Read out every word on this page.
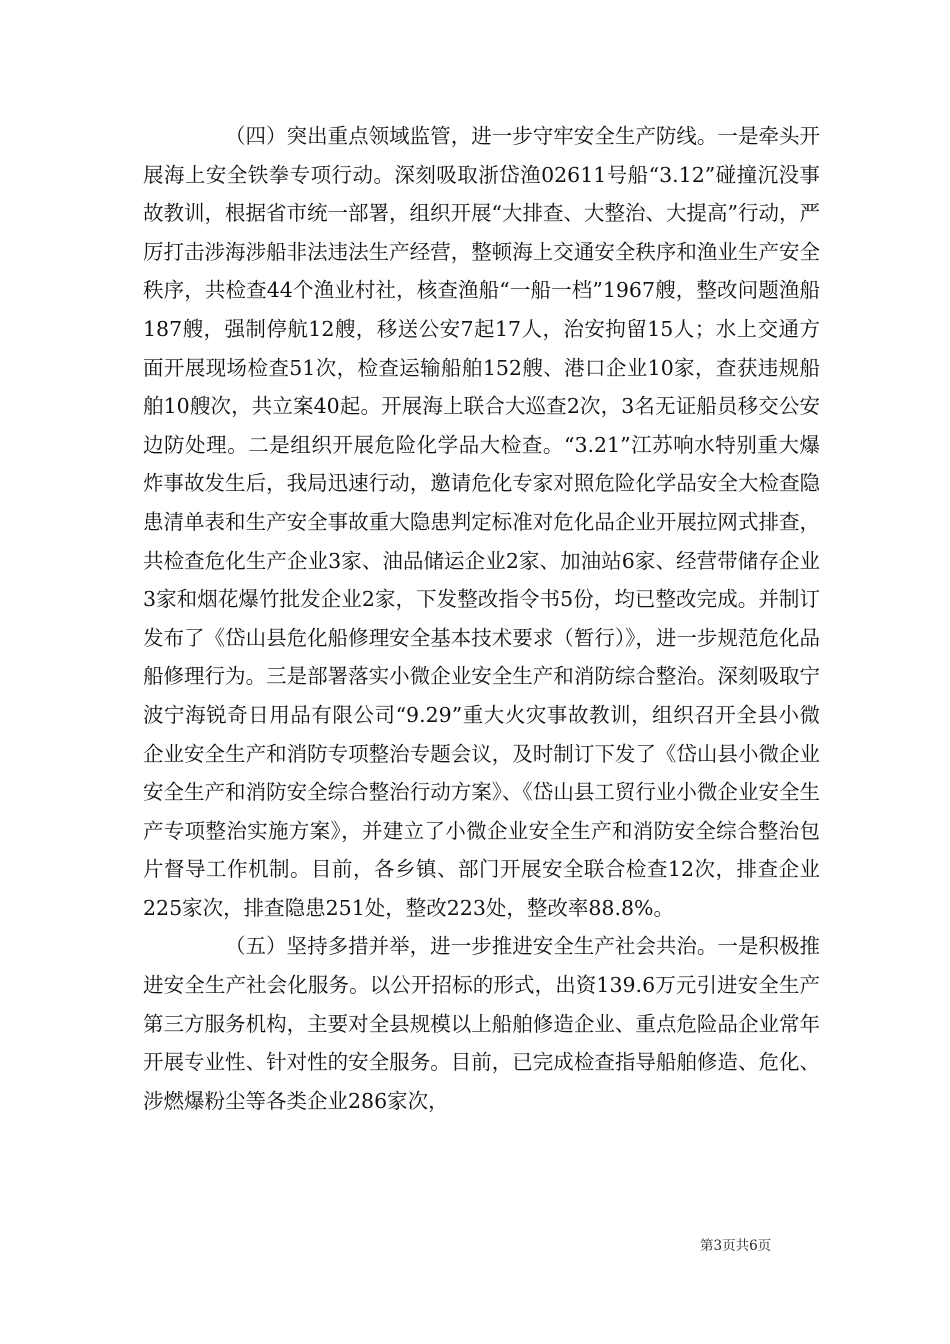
（四）突出重点领域监管，进一步守牢安全生产防线。一是牵头开展海上安全铁拳专项行动。深刻吸取浙岱渔02611号船“3.12”碰撞沉没事故教训，根据省市统一部署，组织开展“大排查、大整治、大提高”行动，严厉打击涉海涉船非法违法生产经营，整顿海上交通安全秩序和渔业生产安全秩序，共检查44个渔业村社，核查渔船“一船一档”1967艘，整改问题渔船187艘，强制停航12艘，移送公安7起17人，治安拘留15人；水上交通方面开展现场检查51次，检查运输船舶152艘、港口企业10家，查获违规船舶10艘次，共立案40起。开展海上联合大巡查2次，3名无证船员移交公安边防处理。二是组织开展危险化学品大检查。“3.21”江苏响水特别重大爆炸事故发生后，我局迅速行动，邀请危化专家对照危险化学品安全大检查隐患清单表和生产安全事故重大隐患判定标准对危化品企业开展拉网式排查，共检查危化生产企业3家、油品储运企业2家、加油站6家、经营带储存企业3家和烟花爆竹批发企业2家，下发整改指令书5份，均已整改完成。并制订发布了《岱山县危化船修理安全基本技术要求（暂行）》，进一步规范危化品船修理行为。三是部署落实小微企业安全生产和消防综合整治。深刻吸取宁波宁海锐奇日用品有限公司“9.29”重大火灾事故教训，组织召开全县小微企业安全生产和消防专项整治专题会议，及时制订下发了《岱山县小微企业安全生产和消防安全综合整治行动方案》、《岱山县工贸行业小微企业安全生产专项整治实施方案》，并建立了小微企业安全生产和消防安全综合整治包片督导工作机制。目前，各乡镇、部门开展安全联合检查12次，排查企业225家次，排查隐患251处，整改223处，整改率88.8%。

（五）坚持多措并举，进一步推进安全生产社会共治。一是积极推进安全生产社会化服务。以公开招标的形式，出资139.6万元引进安全生产第三方服务机构，主要对全县规模以上船舶修造企业、重点危险品企业常年开展专业性、针对性的安全服务。目前，已完成检查指导船舶修造、危化、涉燃爆粉尘等各类企业286家次，

第3页共6页
